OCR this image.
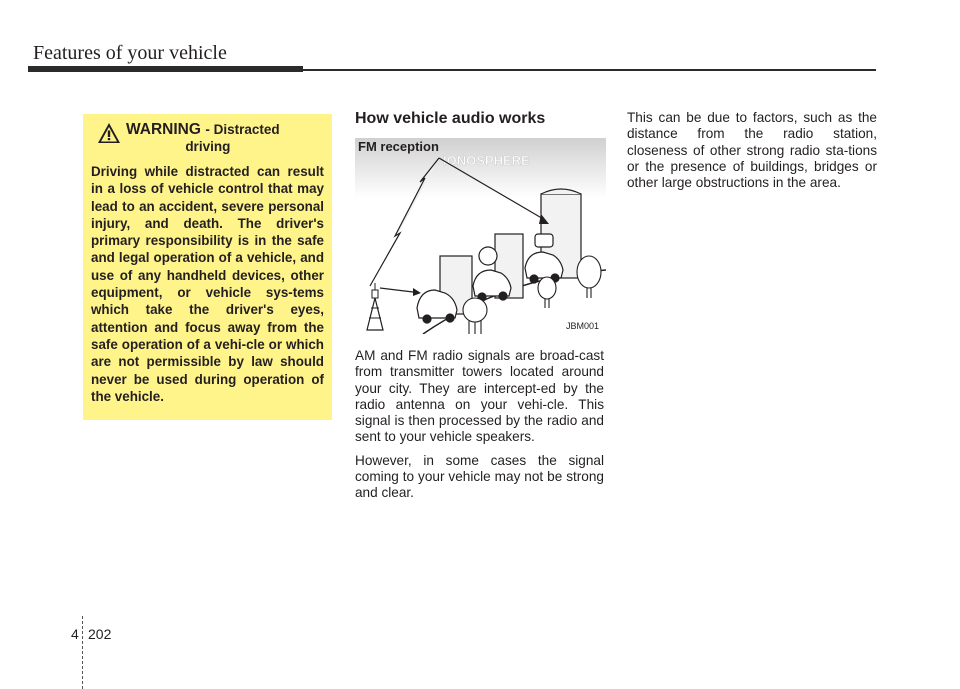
Features of your vehicle
WARNING - Distracted
driving

Driving while distracted can result in a loss of vehicle control that may lead to an accident, severe personal injury, and death. The driver's primary responsibility is in the safe and legal operation of a vehicle, and use of any handheld devices, other equipment, or vehicle sys-tems which take the driver's eyes, attention and focus away from the safe operation of a vehi-cle or which are not permissible by law should never be used during operation of the vehicle.

How vehicle audio works
IONOSPHERE
FM reception
JBM001

AM and FM radio signals are broad-cast from transmitter towers located around your city. They are intercept-ed by the radio antenna on your vehi-cle. This signal is then processed by the radio and sent to your vehicle speakers.

However, in some cases the signal coming to your vehicle may not be strong and clear.

This can be due to factors, such as the distance from the radio station, closeness of other strong radio sta-tions or the presence of buildings, bridges or other large obstructions in the area.

4 202
